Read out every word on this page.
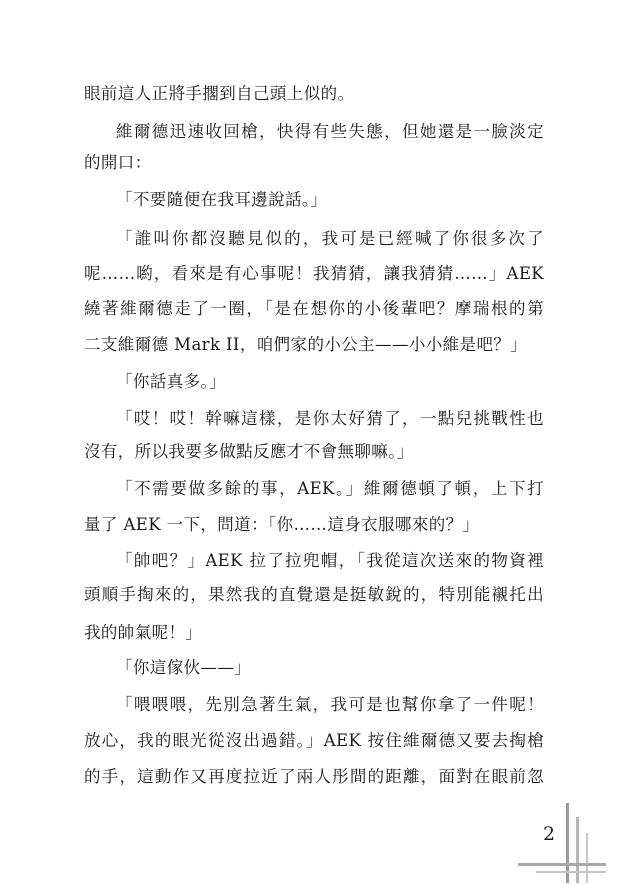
眼前這人正將手擱到自己頭上似的。
維爾德迅速收回槍，快得有些失態，但她還是一臉淡定
的開口：
「不要隨便在我耳邊說話。」
「誰叫你都沒聽見似的，我可是已經喊了你很多次了
呢……喲，看來是有心事呢！我猜猜，讓我猜猜……」AEK
繞著維爾德走了一圈，「是在想你的小後輩吧？摩瑞根的第
二支維爾德 Mark II，咱們家的小公主——小小維是吧？」
「你話真多。」
「哎！哎！幹嘛這樣，是你太好猜了，一點兒挑戰性也
沒有，所以我要多做點反應才不會無聊嘛。」
「不需要做多餘的事，AEK。」維爾德頓了頓，上下打
量了 AEK 一下，問道：「你……這身衣服哪來的？」
「帥吧？」AEK 拉了拉兜帽，「我從這次送來的物資裡
頭順手掏來的，果然我的直覺還是挺敏銳的，特別能襯托出
我的帥氣呢！」
「你這傢伙——」
「喂喂喂，先別急著生氣，我可是也幫你拿了一件呢！
放心，我的眼光從沒出過錯。」AEK 按住維爾德又要去掏槍
的手，這動作又再度拉近了兩人彤間的距離，面對在眼前忽
2
